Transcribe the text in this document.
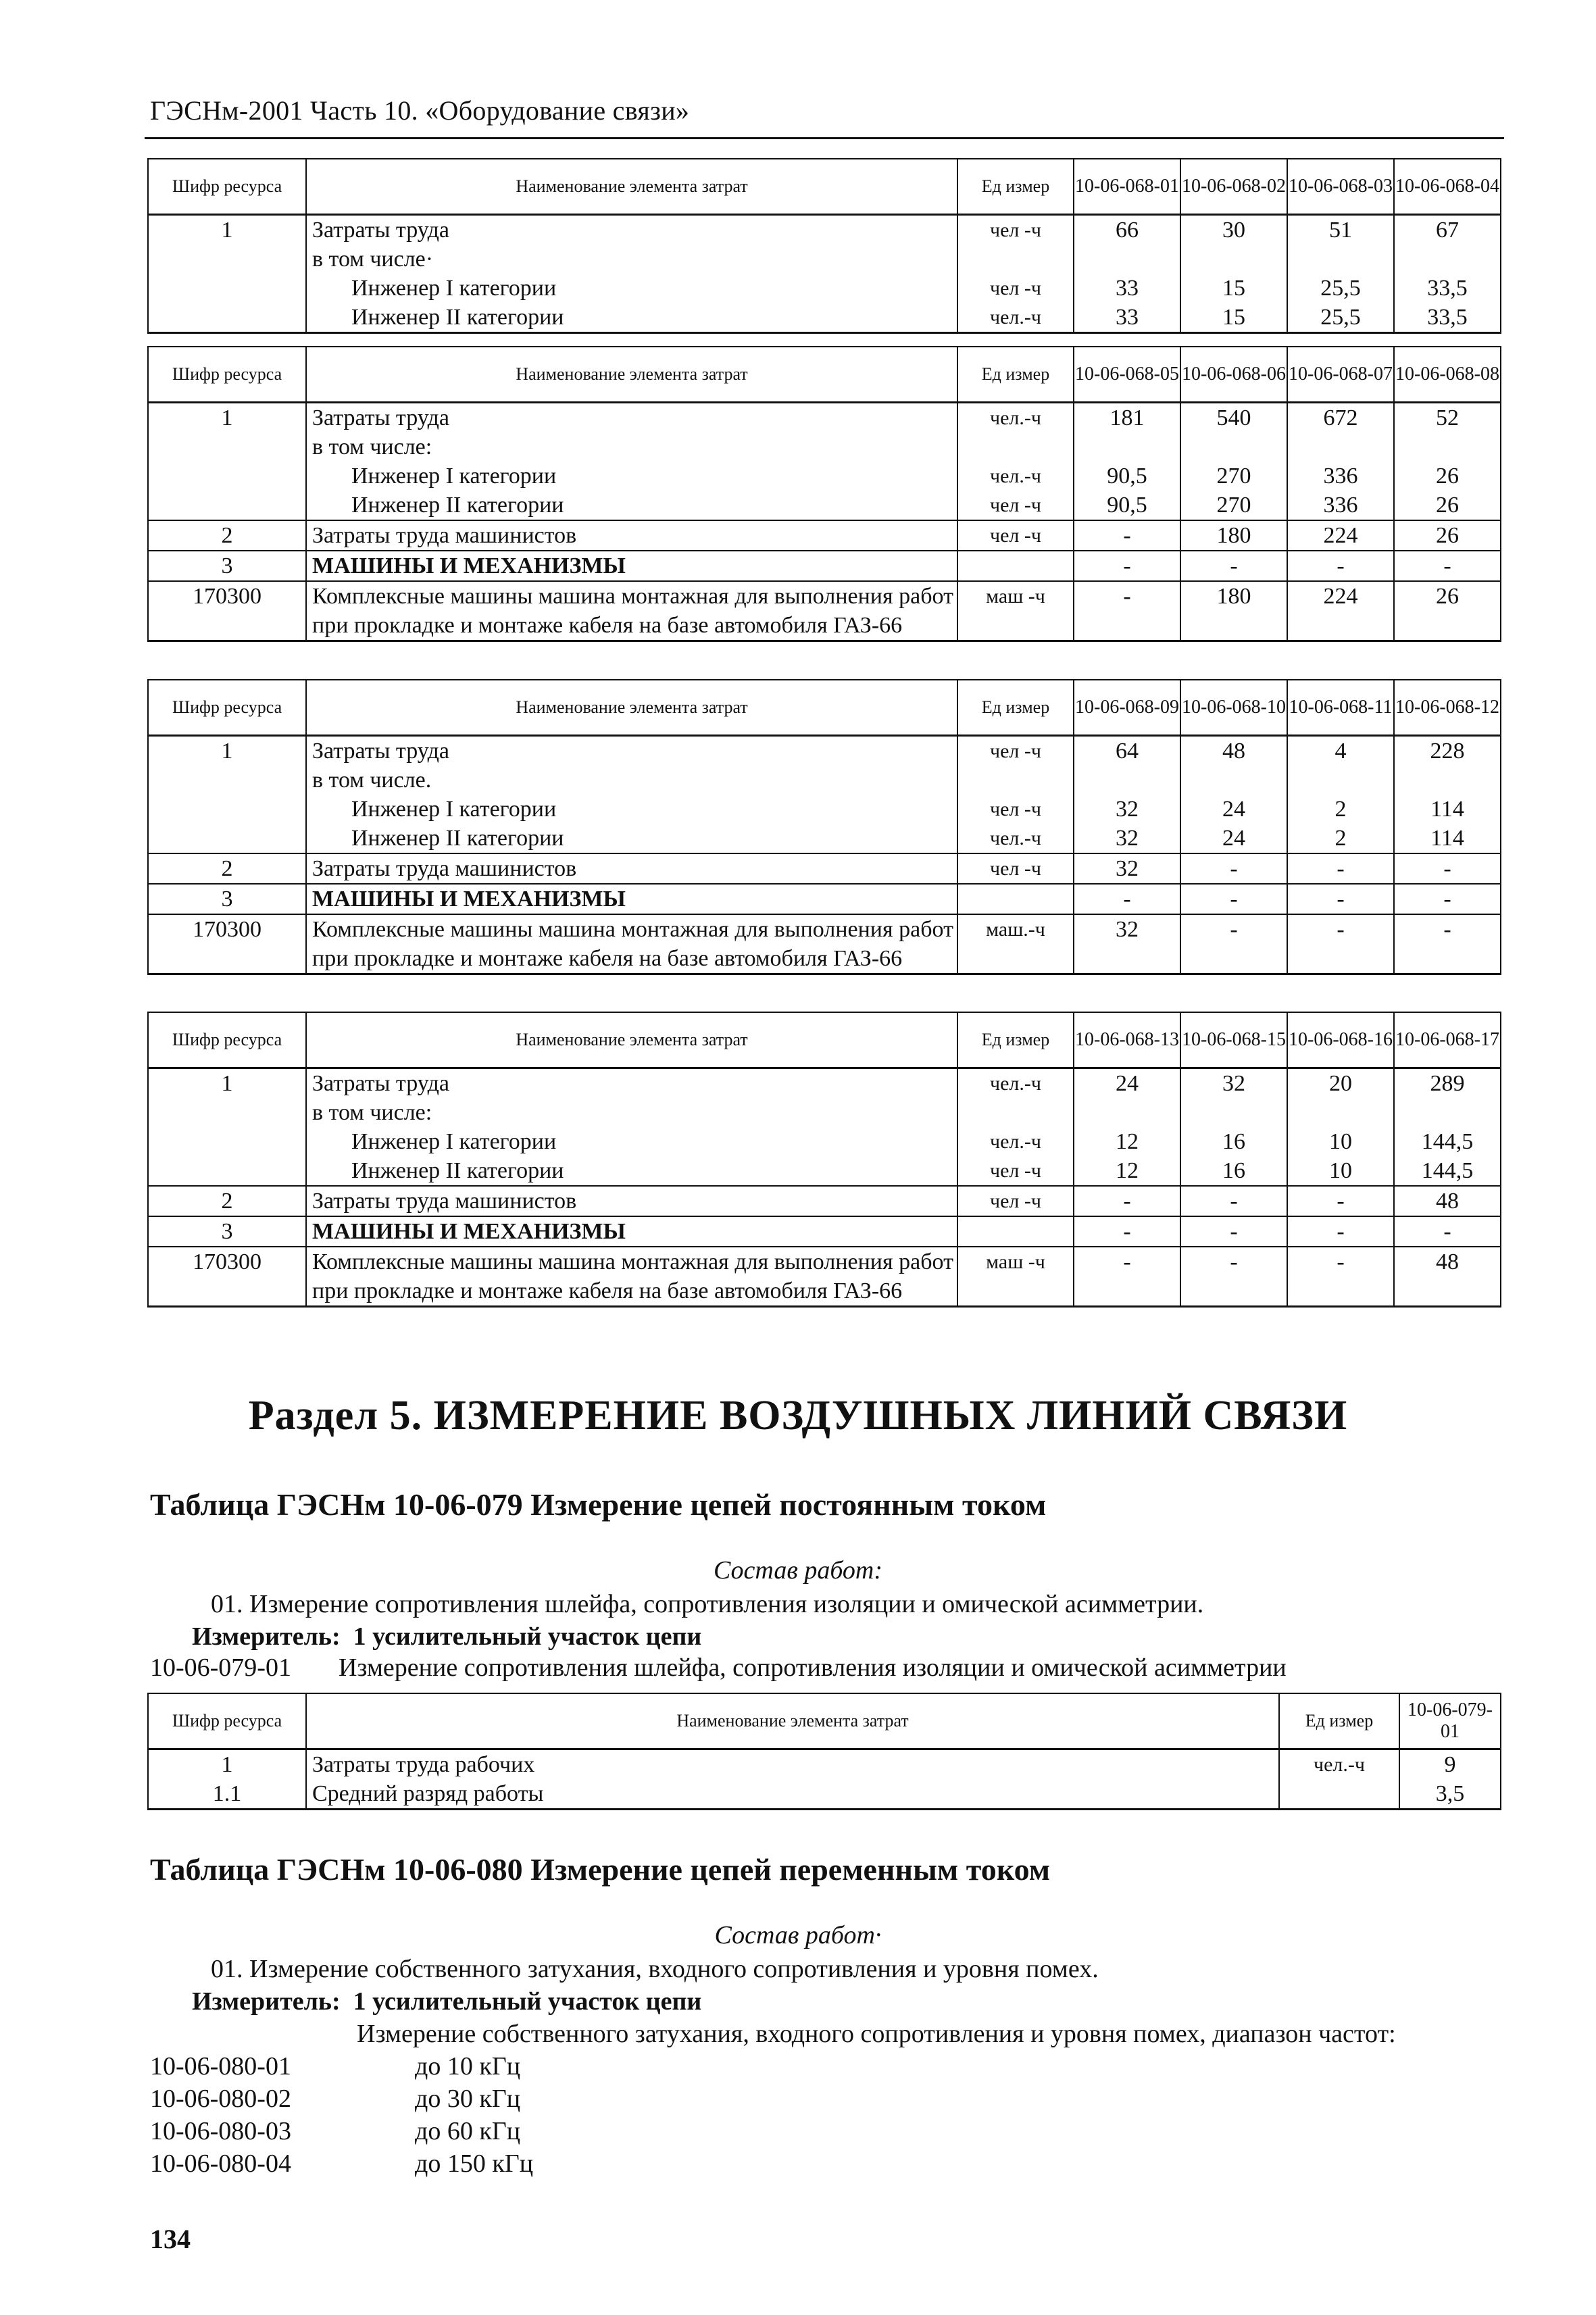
ГЭСНм-2001 Часть 10. «Оборудование связи»
Шифр ресурса	Наименование элемента затрат	Ед измер	10-06-068-01	10-06-068-02	10-06-068-03	10-06-068-04
1	Затраты труда	чел -ч	66	30	51	67
	в том числе·					
	Инженер I категории	чел -ч	33	15	25,5	33,5
	Инженер II категории	чел.-ч	33	15	25,5	33,5
Шифр ресурса	Наименование элемента затрат	Ед измер	10-06-068-05	10-06-068-06	10-06-068-07	10-06-068-08
1	Затраты труда	чел.-ч	181	540	672	52
	в том числе:					
	Инженер I категории	чел.-ч	90,5	270	336	26
	Инженер II категории	чел -ч	90,5	270	336	26
2	Затраты труда машинистов	чел -ч	-	180	224	26
3	МАШИНЫ И МЕХАНИЗМЫ		-	-	-	-
170300	Комплексные машины машина монтажная для выполнения работ при прокладке и монтаже кабеля на базе автомобиля ГАЗ-66	маш -ч	-	180	224	26
Шифр ресурса	Наименование элемента затрат	Ед измер	10-06-068-09	10-06-068-10	10-06-068-11	10-06-068-12
1	Затраты труда	чел -ч	64	48	4	228
	в том числе.					
	Инженер I категории	чел -ч	32	24	2	114
	Инженер II категории	чел.-ч	32	24	2	114
2	Затраты труда машинистов	чел -ч	32	-	-	-
3	МАШИНЫ И МЕХАНИЗМЫ		-	-	-	-
170300	Комплексные машины машина монтажная для выполнения работ при прокладке и монтаже кабеля на базе автомобиля ГАЗ-66	маш.-ч	32	-	-	-
Шифр ресурса	Наименование элемента затрат	Ед измер	10-06-068-13	10-06-068-15	10-06-068-16	10-06-068-17
1	Затраты труда	чел.-ч	24	32	20	289
	в том числе:					
	Инженер I категории	чел.-ч	12	16	10	144,5
	Инженер II категории	чел -ч	12	16	10	144,5
2	Затраты труда машинистов	чел -ч	-	-	-	48
3	МАШИНЫ И МЕХАНИЗМЫ		-	-	-	-
170300	Комплексные машины машина монтажная для выполнения работ при прокладке и монтаже кабеля на базе автомобиля ГАЗ-66	маш -ч	-	-	-	48
Раздел 5. ИЗМЕРЕНИЕ ВОЗДУШНЫХ ЛИНИЙ СВЯЗИ
Таблица ГЭСНм 10-06-079 Измерение цепей постоянным током
Состав работ:
01. Измерение сопротивления шлейфа, сопротивления изоляции и омической асимметрии.
Измеритель: 1 усилительный участок цепи
10-06-079-01 Измерение сопротивления шлейфа, сопротивления изоляции и омической асимметрии
Шифр ресурса	Наименование элемента затрат	Ед измер	10-06-079-01
1	Затраты труда рабочих	чел.-ч	9
1.1	Средний разряд работы		3,5
Таблица ГЭСНм 10-06-080 Измерение цепей переменным током
Состав работ·
01. Измерение собственного затухания, входного сопротивления и уровня помех.
Измеритель: 1 усилительный участок цепи
Измерение собственного затухания, входного сопротивления и уровня помех, диапазон частот:
10-06-080-01	до 10 кГц
10-06-080-02	до 30 кГц
10-06-080-03	до 60 кГц
10-06-080-04	до 150 кГц
134
